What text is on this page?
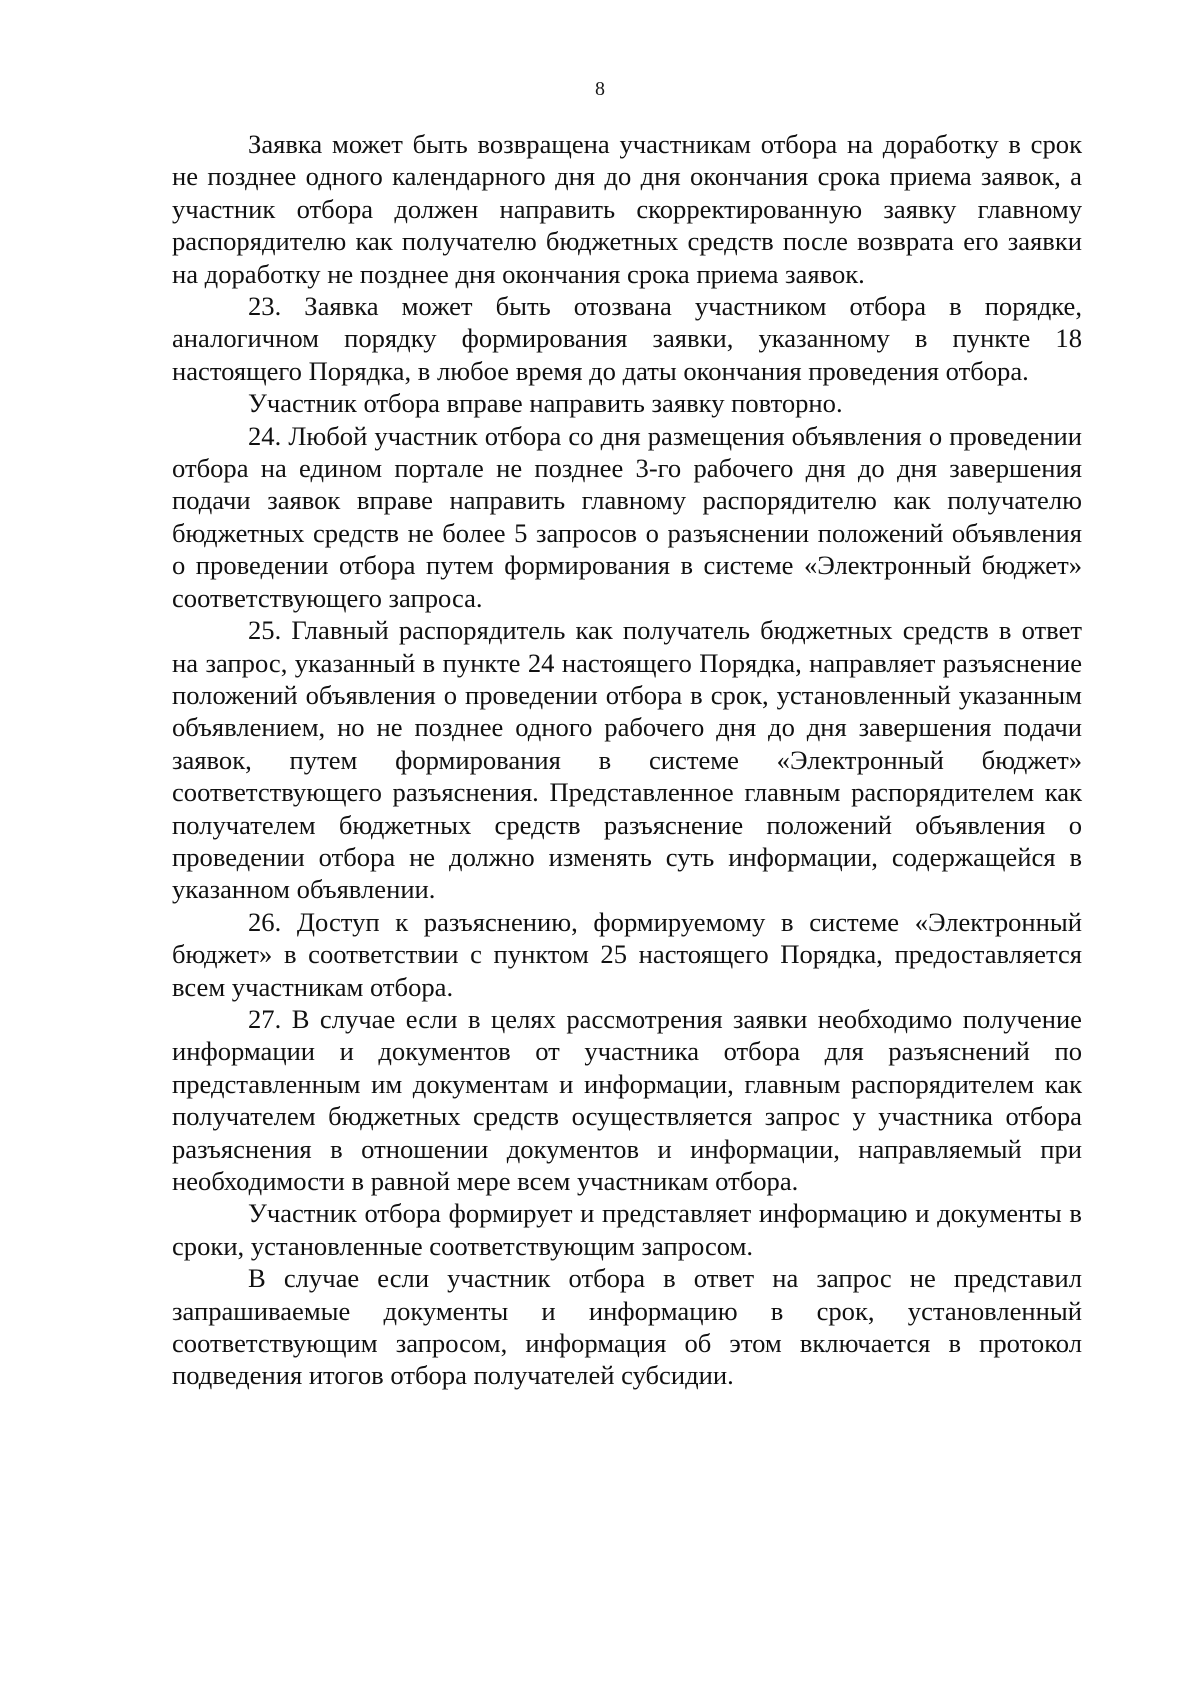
8

Заявка может быть возвращена участникам отбора на доработку в срок не позднее одного календарного дня до дня окончания срока приема заявок, а участник отбора должен направить скорректированную заявку главному распорядителю как получателю бюджетных средств после возврата его заявки на доработку не позднее дня окончания срока приема заявок.

23. Заявка может быть отозвана участником отбора в порядке, аналогичном порядку формирования заявки, указанному в пункте 18 настоящего Порядка, в любое время до даты окончания проведения отбора.

Участник отбора вправе направить заявку повторно.

24. Любой участник отбора со дня размещения объявления о проведении отбора на едином портале не позднее 3-го рабочего дня до дня завершения подачи заявок вправе направить главному распорядителю как получателю бюджетных средств не более 5 запросов о разъяснении положений объявления о проведении отбора путем формирования в системе «Электронный бюджет» соответствующего запроса.

25. Главный распорядитель как получатель бюджетных средств в ответ на запрос, указанный в пункте 24 настоящего Порядка, направляет разъяснение положений объявления о проведении отбора в срок, установленный указанным объявлением, но не позднее одного рабочего дня до дня завершения подачи заявок, путем формирования в системе «Электронный бюджет» соответствующего разъяснения. Представленное главным распорядителем как получателем бюджетных средств разъяснение положений объявления о проведении отбора не должно изменять суть информации, содержащейся в указанном объявлении.

26. Доступ к разъяснению, формируемому в системе «Электронный бюджет» в соответствии с пунктом 25 настоящего Порядка, предоставляется всем участникам отбора.

27. В случае если в целях рассмотрения заявки необходимо получение информации и документов от участника отбора для разъяснений по представленным им документам и информации, главным распорядителем как получателем бюджетных средств осуществляется запрос у участника отбора разъяснения в отношении документов и информации, направляемый при необходимости в равной мере всем участникам отбора.

Участник отбора формирует и представляет информацию и документы в сроки, установленные соответствующим запросом.

В случае если участник отбора в ответ на запрос не представил запрашиваемые документы и информацию в срок, установленный соответствующим запросом, информация об этом включается в протокол подведения итогов отбора получателей субсидии.
